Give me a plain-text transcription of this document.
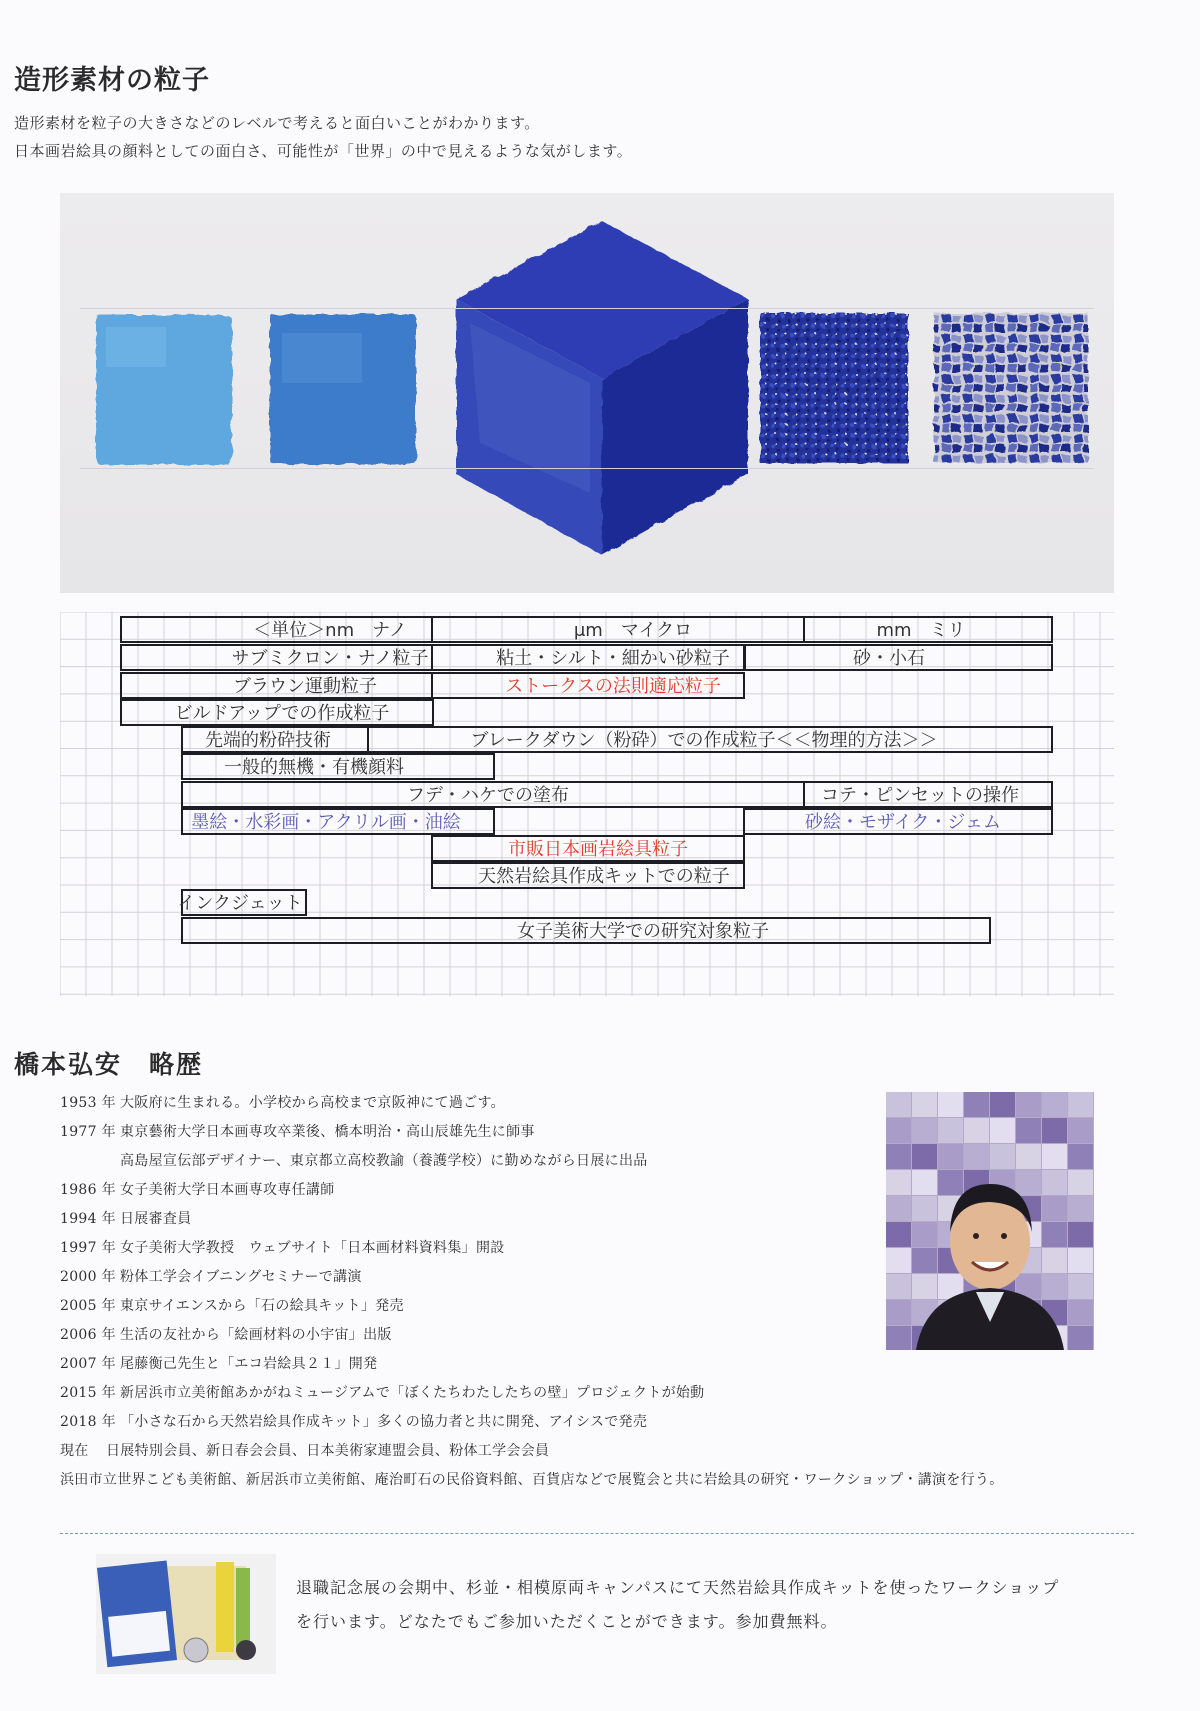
造形素材の粒子
造形素材を粒子の大きさなどのレベルで考えると面白いことがわかります。
日本画岩絵具の顔料としての面白さ、可能性が「世界」の中で見えるような気がします。
＜単位＞nm　ナノ	μm　マイクロ	mm　ミリ
サブミクロン・ナノ粒子	粘土・シルト・細かい砂粒子	砂・小石
ブラウン運動粒子	ストークスの法則適応粒子
ビルドアップでの作成粒子
先端的粉砕技術	ブレークダウン（粉砕）での作成粒子＜＜物理的方法＞＞
一般的無機・有機顔料
フデ・ハケでの塗布	コテ・ピンセットの操作
墨絵・水彩画・アクリル画・油絵	砂絵・モザイク・ジェム
市販日本画岩絵具粒子
天然岩絵具作成キットでの粒子
インクジェット
女子美術大学での研究対象粒子
橋本弘安　略歴
1953 年 大阪府に生まれる。小学校から高校まで京阪神にて過ごす。
1977 年 東京藝術大学日本画専攻卒業後、橋本明治・高山辰雄先生に師事
高島屋宣伝部デザイナー、東京都立高校教諭（養護学校）に勤めながら日展に出品
1986 年 女子美術大学日本画専攻専任講師
1994 年 日展審査員
1997 年 女子美術大学教授　ウェブサイト「日本画材料資料集」開設
2000 年 粉体工学会イブニングセミナーで講演
2005 年 東京サイエンスから「石の絵具キット」発売
2006 年 生活の友社から「絵画材料の小宇宙」出版
2007 年 尾藤衡己先生と「エコ岩絵具２１」開発
2015 年 新居浜市立美術館あかがねミュージアムで「ぼくたちわたしたちの壁」プロジェクトが始動
2018 年 「小さな石から天然岩絵具作成キット」多くの協力者と共に開発、アイシスで発売
現在 日展特別会員、新日春会会員、日本美術家連盟会員、粉体工学会会員
浜田市立世界こども美術館、新居浜市立美術館、庵治町石の民俗資料館、百貨店などで展覧会と共に岩絵具の研究・ワークショップ・講演を行う。
退職記念展の会期中、杉並・相模原両キャンパスにて天然岩絵具作成キットを使ったワークショップ
を行います。どなたでもご参加いただくことができます。参加費無料。
